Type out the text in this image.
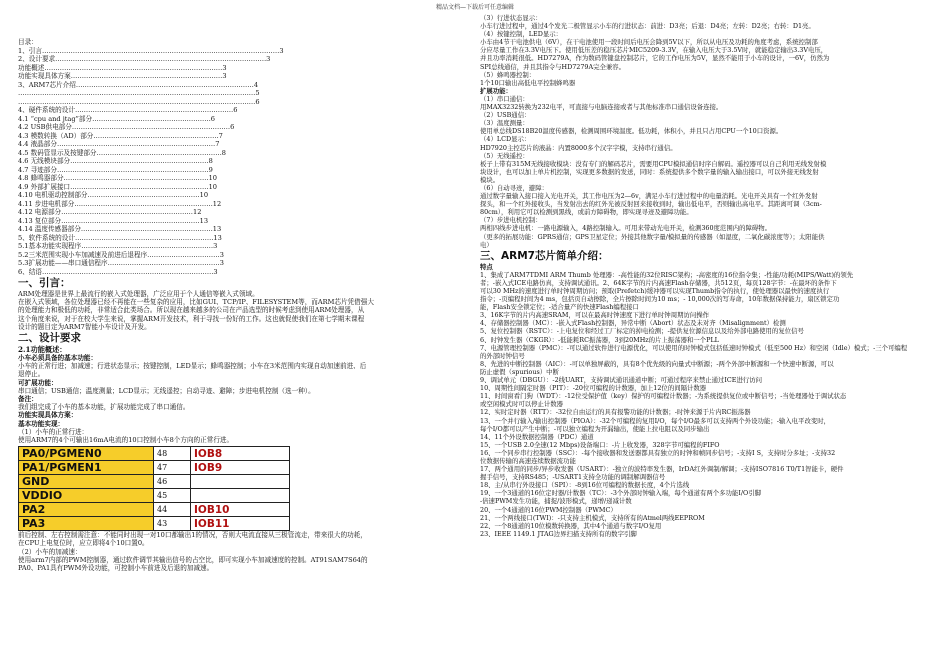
精品文档—下载后可任意编辑
目录：
1、引言………………………………………………………………………………………………3
2、设计要求……………………………………………………………………………………3
功能概述………………………………………………………………………3
功能实现具体方案……………………………………………………………3
3、ARM7芯片介绍………………………………………………………………………4
………………………………………………………………………………………………5
………………………………………………………………………………………………6
4、硬件系统的设计………………………………………………………………6
4.1 “cpu and jtag”部分………………………………………………6
4.2 USB供电部分………………………………………………………………6
4.3 模数转换（AD）部分…………………………………………………7
4.4 液晶部分………………………………………………………………7
4.5 数码管显示及按键部分…………………………………………………8
4.6 无线模块部分………………………………………………………8
4.7 寻迹部分……………………………………………………………9
4.8 蜂鸣器部分…………………………………………………………10
4.9 外部扩展接口………………………………………………………10
4.10 电机驱动控制部分……………………………………………10
4.11 步进电机部分………………………………………………………12
4.12 电源部分……………………………………………………12
4.13 复位部分………………………………………………………13
4.14 温度传感器部分……………………………………………………13
5、软件系统的设计………………………………………………………13
5.1基本功能实现程序……………………………………………………3
5.2三米范围实现小车加减速及前进后退程序……………………………3
5.3扩展功能——串口通信程序……………………………………………3
6、结语……………………………………………………………………3
一、引言：
ARM处理器是世界上最流行的嵌入式处理器，广泛应用于个人通信等嵌入式领域。
在嵌入式领域，各位处理器已经不再能在一些复杂的应用，比如GUI、TCP/IP、FILESYSTEM等，而ARM芯片凭借强大
的处理能力和极低的功耗，非常适合此类场合。所以现在越来越多的公司在产品选型的时候考虑到使用ARM处理器，从
这个角度来说，对于在校大学生来说，掌握ARM开发技术，利于寻找一份好的工作。这也就促使我们在第七学期末课程
设计的题目定为ARM7智能小车设计及开发。
二、设计要求
2.1功能概述：
小车必须具备的基本功能：
小车的正常行进；加减速；行进状态显示；按键控制，LED显示；蜂鸣器控制；小车在3米范围内实现自动加速前进、后
退停止。
可扩展功能：
串口通信；USB通信；温度测量；LCD显示；无线遥控；自动寻迹、避障；步进电机控制（选一种）。
备注：
我们组完成了小车的基本功能，扩展功能完成了串口通信。
功能实现具体方案：
基本功能实现：
（1）小车的正常行进：
使用ARM7的4个可输出16mA电流的10口控制小车8个方向的正常行进。
PA0/PGMEN0	48	IOB8
PA1/PGMEN1	47	IOB9
GND	46	
VDDIO	45	
PA2	44	IOB10
PA3	43	IOB11
前后控制、左右控制需注意：不能同时出现一对10口都输出1的情况，否则大电流直接从三极管流走，带来很大的功耗，
在CPU上电复位时，应立即将4个10口置0。
（2）小车的加减速：
使用arm7内部的PWM控制器，通过软件调节其输出信号的占空比，即可实现小车加减速度的控制。AT91SAM7S64的
PA0、PA1具有PWM外设功能，可控制小车前进及后退的加减速。
（3）行进状态显示：
小车行进过程中，通过4个发光二极管显示小车的行进状态：前进：D3亮；后退：D4亮；左转：D2亮；右转：D1亮。
（4）按键控制，LED显示：
小车由4节干电池供电（6V），在干电池使用一段时间后电压会降到5V以下，所以从电压及功耗的角度考虑，系统控制部
分应尽量工作在3.3V电压下。使用低压差的稳压芯片MIC5209-3.3V，在输入电压大于3.5V时，就能稳定输出3.3V电压，
并且功率消耗很低。HD7279A，作为数码管键盘控制芯片，它的工作电压为5V，显然不能用于小车的设计，一6V，仿然为
SPI总线通信，并且其指令与HD7279A完全兼容。
（5）蜂鸣器控制：
1个10口输出高低电平控制蜂鸣器
扩展功能：
（1）串口通信：
用MAX3232转换为232电平，可直接与电脑连接或者与其他标准串口通信设备连接。
（2）USB通信：
（3）温度测量：
使用单总线DS18B20温度传感器，检测周围环境温度。低功耗，体积小，并且只占用CPU一个10口资源。
（4）LCD显示：
HD7920主控芯片的液晶：内置8000多个汉字字模，支持串行通信。
（5）无线遥控：
板子上带有315M无线接收模块：没有专门的解码芯片，需要用CPU模拟通信时序自解码。遥控器可以自己利用无线发射模
块设计，也可以加上单片机控制，实现更多数据的发送，同时：系统提供多个数字量的输入输出接口，可以外接无线发射
模块。
（6）自动寻迹，避障：
通过数字量输入接口接入光电开关，其工作电压为2—6v，满足小车行进过程中的电量消耗。光电开关具有一个红外发射
探头，和一个红外接收头，当发射出去的红外光被反射回来接收到时，输出低电平，否则输出高电平。其距离可调（3cm-
80cm），利用它可以检测到黑线，或前方障碍物，即实现寻迹及避障功能。
（7）步进电机控制：
两相四线步进电机：一路电源输入，4路控制输入。可用来带动光电开关，检测360度范围内的障碍物。
（更多的拓展功能：GPRS通信；GPS卫星定位；外接其他数字量/模拟量的传感器（如湿度，二氧化碳浓度等）；太阳能供
电）
三、ARM7芯片简单介绍：
特点
1、集成了ARM7TDMI ARM Thumb 处理器：-高性能的32位RISC架构；-高密度的16位指令集；-性能/功耗(MIPS/Watt)的领先
者；-嵌入式ICE电路仿真，支持调试通讯。2、64K字节的片内高速Flash存储器，共512页，每页128字节：-在最坏的条件下
可以30 MHz的速度进行单时钟周期访问；预取(Prefetch)缓冲器可以实现Thumb指令的执行，使处理器以最快的速度执行
指令；-页编程时间为4 ms，包括页自动擦除，全片擦除时间为10 ms；- 10,000次的写寿命，10年数据保持能力，扇区锁定功
能，Flash安全锁定位；-适合量产的快速Flash编程接口
3、16K字节的片内高速SRAM，可以在最高时钟速度下进行单时钟周期访问操作
4、存储器控制器（MC）：-嵌入式Flash控制器，异常中断（Abort）状态及未对齐（Misalignment）检测
5、复位控制器（RSTC）：-上电复位和经过工厂标定的掉电检测；-提供复位源信息以及给外部电路使用的复位信号
6、时钟发生器（CKGR）：-低能耗RC振荡器，3到20MHz的片上振荡器和一个PLL
7、电源管理控制器（PMC）：-可以通过软件进行电源优化，可以使用的时钟模式包括低速时钟模式（低至500 Hz）和空闲（Idle）模式；-三个可编程
的外部时钟信号
8、先进的中断控制器（AIC）：-可以单独屏蔽的，具有8个优先级的向量式中断源；-两个外部中断源和一个快速中断源，可以
防止虚假（spurious）中断
9、调试单元（DBGU）：-2线UART，支持调试通讯通道中断；可通过程序来禁止通过ICE进行访问
10、周期性间隔定时器（PIT）：-20位可编程的计数器，加上12位的间隔计数器
11、时间窗看门狗（WDT）：-12位受保护值（key）保护的可编程计数器；-为系统提供复位或中断信号；-当处理器处于调试状态
或空闲模式时可以停止计数器
12、实时定时器（RTT）：-32位自由运行的具有报警功能的计数器；-时钟来源于片内RC振荡器
13、一个并行输入/输出控制器（PIOA）：-32个可编程的复用I/O，每个I/O最多可以支持两个外设功能；-输入电平改变时，
每个I/O都可以产生中断；-可以独立编程为开漏输出，使能上拉电阻以及同步输出
14、11个外设数据控制器（PDC）通道
15、一个USB 2.0全速(12 Mbps)设备端口：-片上收发器，328字节可编程的FIFO
16、一个同步串行控制器（SSC）：-每个接收器和发送器都具有独立的时钟和帧同步信号；-支持I S，支持时分多址；-支持32
位数据传输的高速连续数据流功能
17、两个通用的同步/异步收发器（USART）：-独立的波特率发生器，IrDA红外调制/解调；-支持ISO7816 T0/T1智能卡，硬件
握手信号，支持RS485；-USART1支持全功能的调制解调器信号
18、主/从串行外设接口（SPI）：-8到16位可编程的数据长度，4个片选线
19、一个3通道的16位定时器/计数器（TC）：-3个外部时钟输入端，每个通道有两个多功能I/O引脚
-倍速PWM发生功能，捕捉/波形模式，递增/递减计数
20、一个4通道的16位PWM控制器（PWMC）
21、一个两线接口(TWI)：-只支持主机模式，支持所有的Atmel两线EEPROM
22、一个8通道的10位模数转换器，其中4个通道与数字I/O复用
23、IEEE 1149.1 JTAG边界扫描支持所有的数字引脚
